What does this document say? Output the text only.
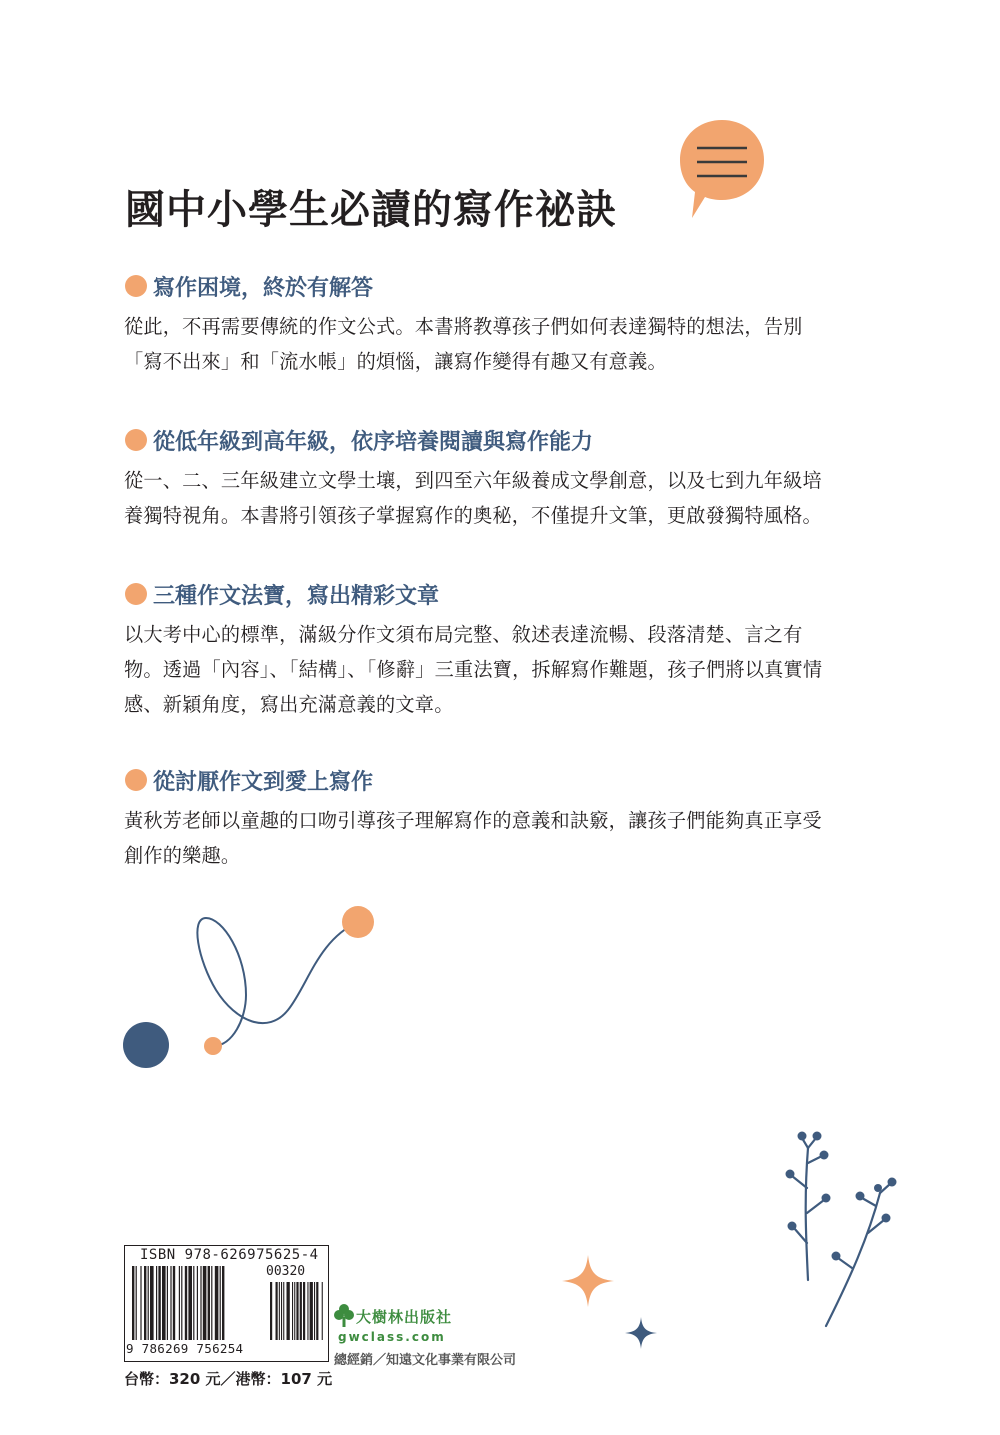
國中小學生必讀的寫作祕訣
寫作困境，終於有解答
從此，不再需要傳統的作文公式。本書將教導孩子們如何表達獨特的想法，告別
「寫不出來」和「流水帳」的煩惱，讓寫作變得有趣又有意義。
從低年級到高年級，依序培養閱讀與寫作能力
從一、二、三年級建立文學土壤，到四至六年級養成文學創意，以及七到九年級培
養獨特視角。本書將引領孩子掌握寫作的奧秘，不僅提升文筆，更啟發獨特風格。
三種作文法寶，寫出精彩文章
以大考中心的標準，滿級分作文須布局完整、敘述表達流暢、段落清楚、言之有
物。透過「內容」、「結構」、「修辭」三重法寶，拆解寫作難題，孩子們將以真實情
感、新穎角度，寫出充滿意義的文章。
從討厭作文到愛上寫作
黃秋芳老師以童趣的口吻引導孩子理解寫作的意義和訣竅，讓孩子們能夠真正享受
創作的樂趣。
ISBN 978-626975625-4
00320
9 786269 756254
台幣：320 元／港幣：107 元
大樹林出版社
gwclass.com
總經銷／知遠文化事業有限公司
